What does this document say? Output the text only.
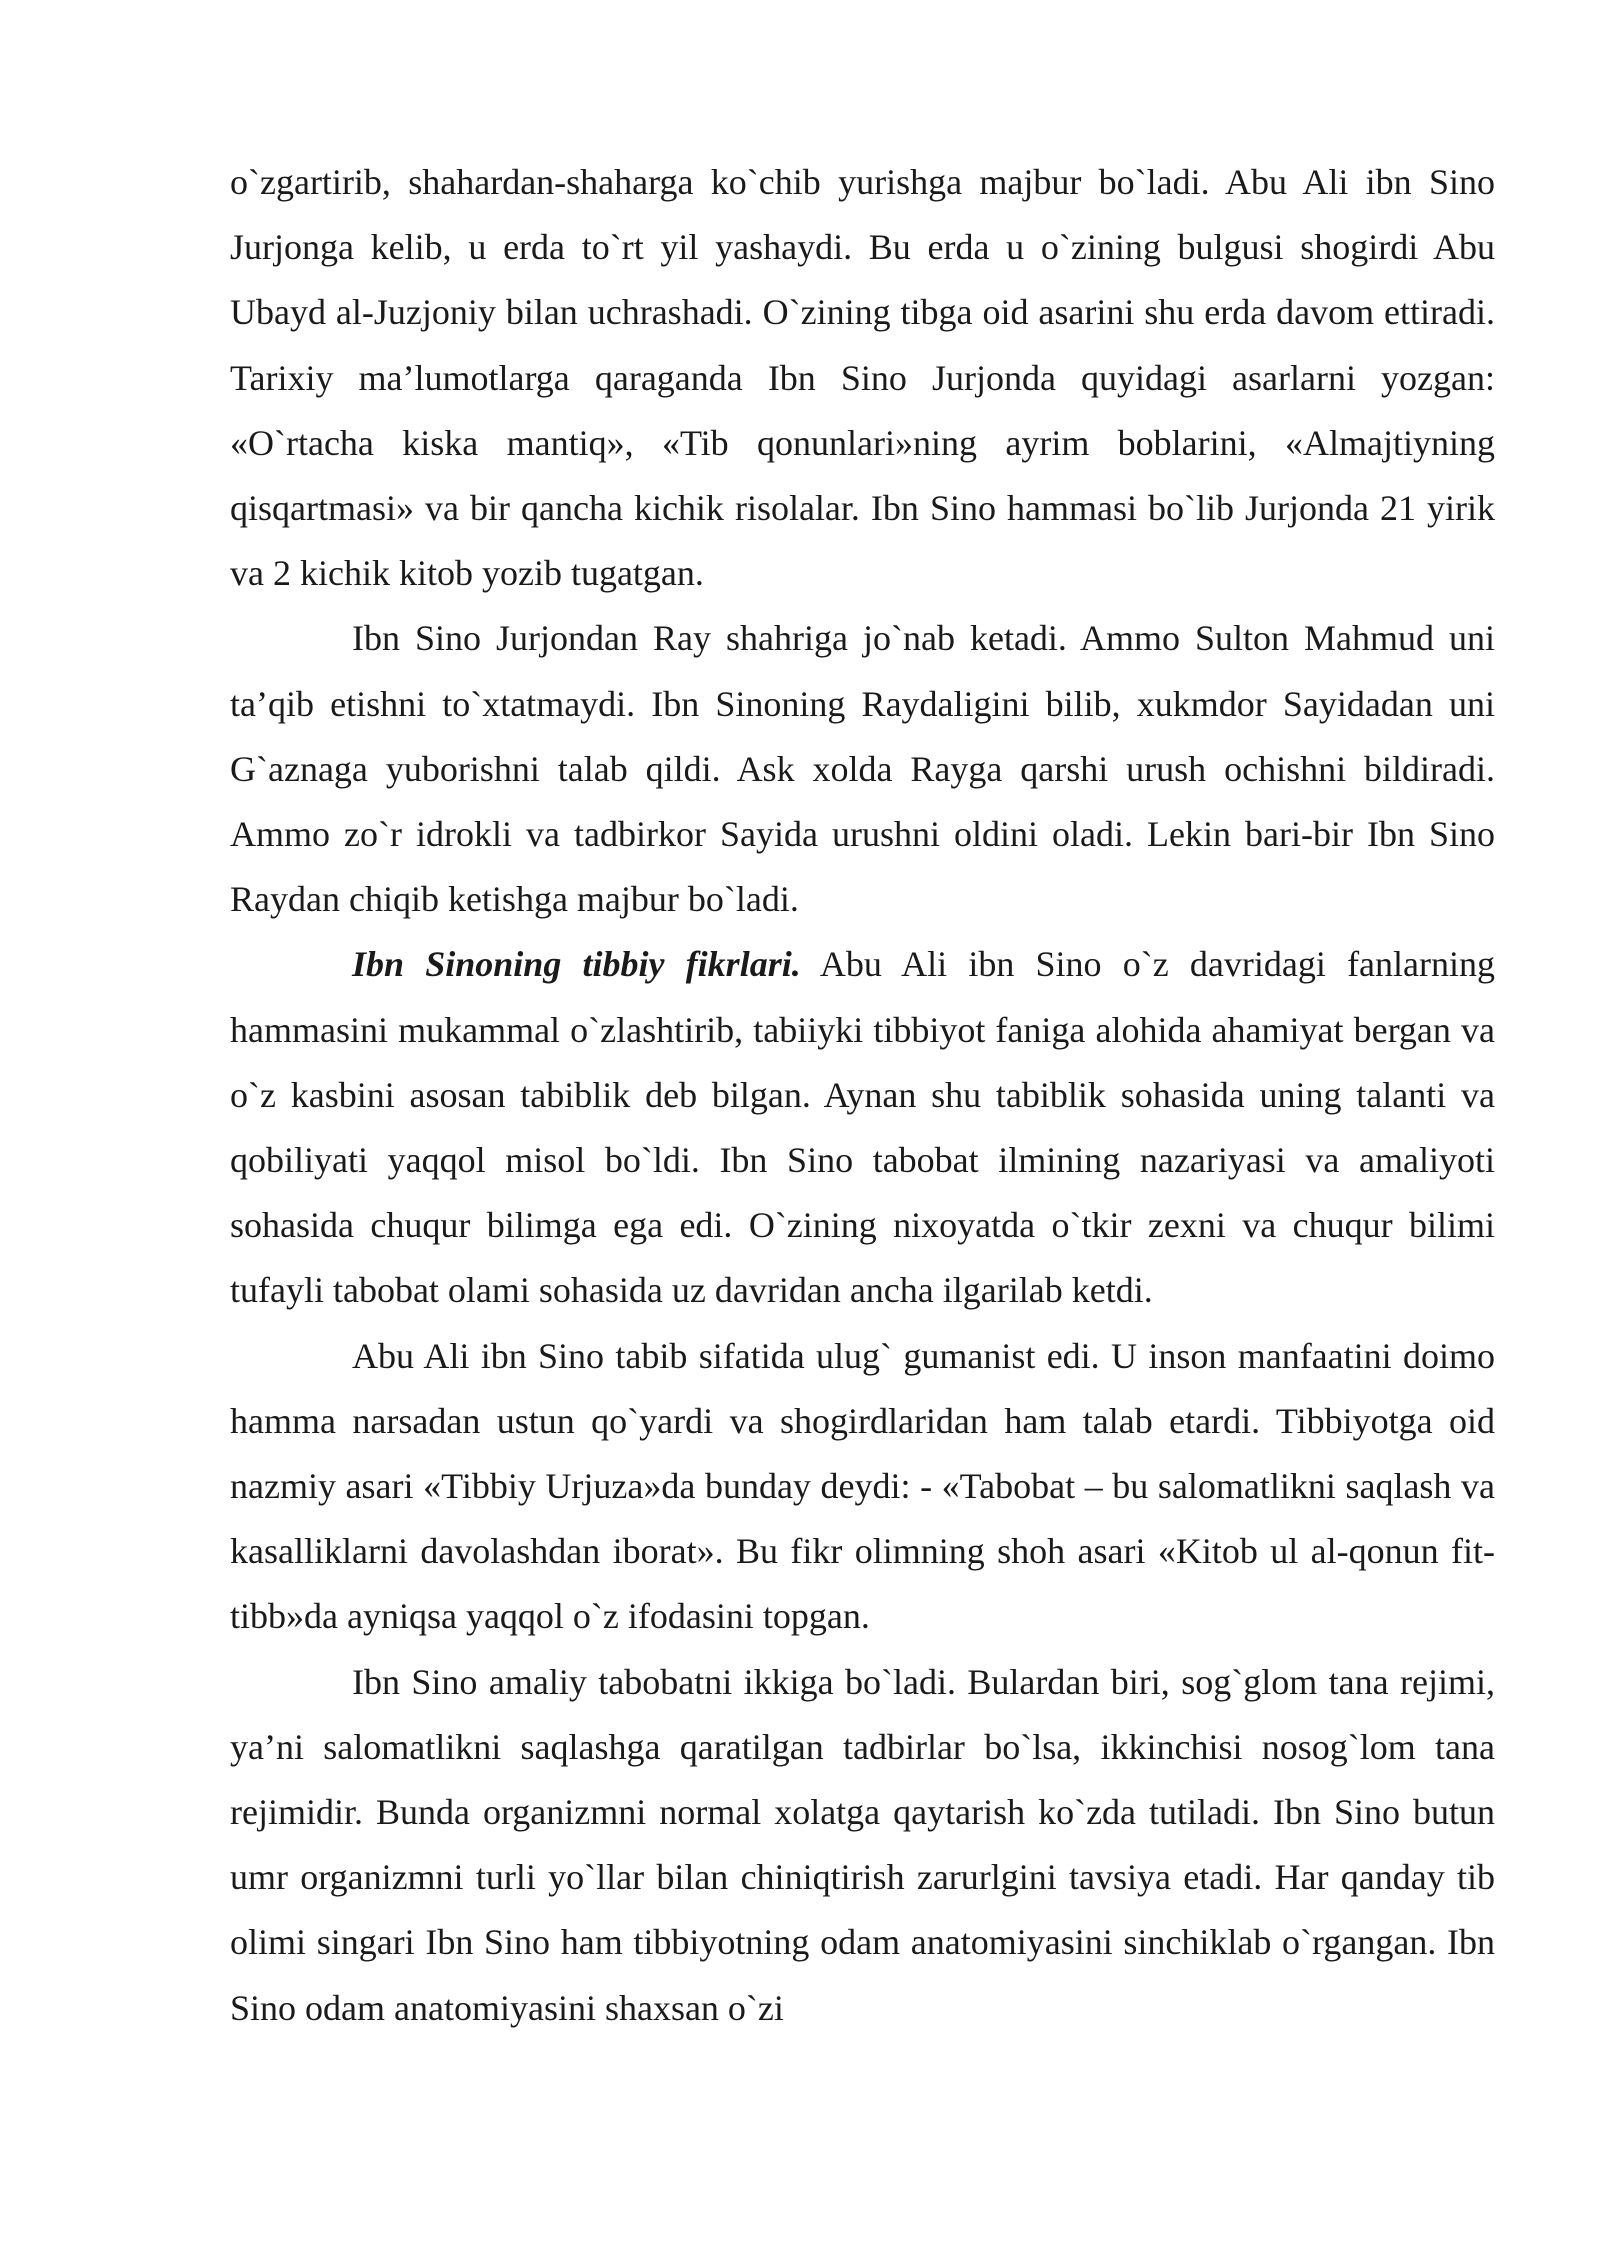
o`zgartirib, shahardan-shaharga ko`chib yurishga majbur bo`ladi. Abu Ali ibn Sino Jurjonga kelib, u erda to`rt yil yashaydi. Bu erda u o`zining bulgusi shogirdi Abu Ubayd al-Juzjoniy bilan uchrashadi. O`zining tibga oid asarini shu erda davom ettiradi. Tarixiy ma’lumotlarga qaraganda Ibn Sino Jurjonda quyidagi asarlarni yozgan: «O`rtacha kiska mantiq», «Tib qonunlari»ning ayrim boblarini, «Almajtiyning qisqartmasi» va bir qancha kichik risolalar. Ibn Sino hammasi bo`lib Jurjonda 21 yirik va 2 kichik kitob yozib tugatgan.

Ibn Sino Jurjondan Ray shahriga jo`nab ketadi. Ammo Sulton Mahmud uni ta’qib etishni to`xtatmaydi. Ibn Sinoning Raydaligini bilib, xukmdor Sayidadan uni G`aznaga yuborishni talab qildi. Ask xolda Rayga qarshi urush ochishni bildiradi. Ammo zo`r idrokli va tadbirkor Sayida urushni oldini oladi. Lekin bari-bir Ibn Sino Raydan chiqib ketishga majbur bo`ladi.

Ibn Sinoning tibbiy fikrlari. Abu Ali ibn Sino o`z davridagi fanlarning hammasini mukammal o`zlashtirib, tabiiyki tibbiyot faniga alohida ahamiyat bergan va o`z kasbini asosan tabiblik deb bilgan. Aynan shu tabiblik sohasida uning talanti va qobiliyati yaqqol misol bo`ldi. Ibn Sino tabobat ilmining nazariyasi va amaliyoti sohasida chuqur bilimga ega edi. O`zining nixoyatda o`tkir zexni va chuqur bilimi tufayli tabobat olami sohasida uz davridan ancha ilgarilab ketdi.

Abu Ali ibn Sino tabib sifatida ulug` gumanist edi. U inson manfaatini doimo hamma narsadan ustun qo`yardi va shogirdlaridan ham talab etardi. Tibbiyotga oid nazmiy asari «Tibbiy Urjuza»da bunday deydi: - «Tabobat – bu salomatlikni saqlash va kasalliklarni davolashdan iborat». Bu fikr olimning shoh asari «Kitob ul al-qonun fit-tibb»da ayniqsa yaqqol o`z ifodasini topgan.

Ibn Sino amaliy tabobatni ikkiga bo`ladi. Bulardan biri, sog`glom tana rejimi, ya’ni salomatlikni saqlashga qaratilgan tadbirlar bo`lsa, ikkinchisi nosog`lom tana rejimidir. Bunda organizmni normal xolatga qaytarish ko`zda tutiladi. Ibn Sino butun umr organizmni turli yo`llar bilan chiniqtirish zarurlgini tavsiya etadi. Har qanday tib olimi singari Ibn Sino ham tibbiyotning odam anatomiyasini sinchiklab o`rgangan. Ibn Sino odam anatomiyasini shaxsan o`zi
